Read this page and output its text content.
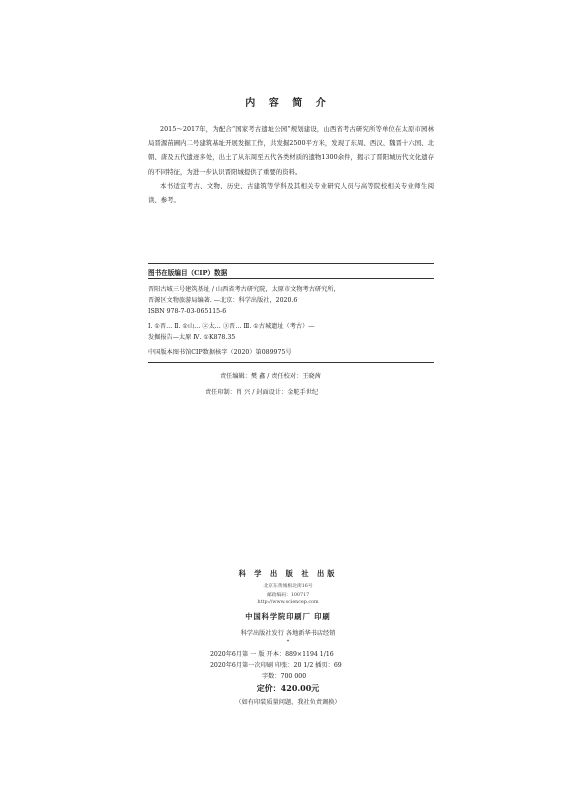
内 容 简 介

2015～2017年，为配合“国家考古遗址公园”规划建设，山西省考古研究所等单位在太原市园林局晋源苗圃内二号建筑基址开展发掘工作，共发掘2500平方米，发现了东周、西汉、魏晋十六国、北朝、唐及五代遗迹多处，出土了从东周至五代各类材质的遗物1300余件，揭示了晋阳城历代文化遗存的不同特征，为进一步认识晋阳城提供了重要的资料。

本书适宜考古、文物、历史、古建筑等学科及其相关专业研究人员与高等院校相关专业师生阅读、参考。

图书在版编目（CIP）数据
晋阳古城三号建筑基址 / 山西省考古研究院，太原市文物考古研究所，
晋源区文物旅游局编著. —北京：科学出版社，2020.6
ISBN 978-7-03-065115-6
Ⅰ. ①晋… Ⅱ. ①山… ②太… ③晋… Ⅲ. ①古城遗址（考古）—
发掘报告—太原 Ⅳ. ①K878.35
中国版本图书馆CIP数据核字（2020）第089975号
责任编辑：樊 鑫 / 责任校对：王晓茜
责任印制：肖 兴 / 封面设计：金舵手世纪
科 学 出 版 社 出版
北京东黄城根北街16号
邮政编码：100717
http://www.sciencep.com
中国科学院印刷厂 印刷
科学出版社发行 各地新华书店经销
*
2020年6月第 一 版 开本：889×1194 1/16
2020年6月第一次印刷 印张：20 1/2 插页：69
字数：700 000
定价：420.00元
（如有印装质量问题，我社负责调换）
